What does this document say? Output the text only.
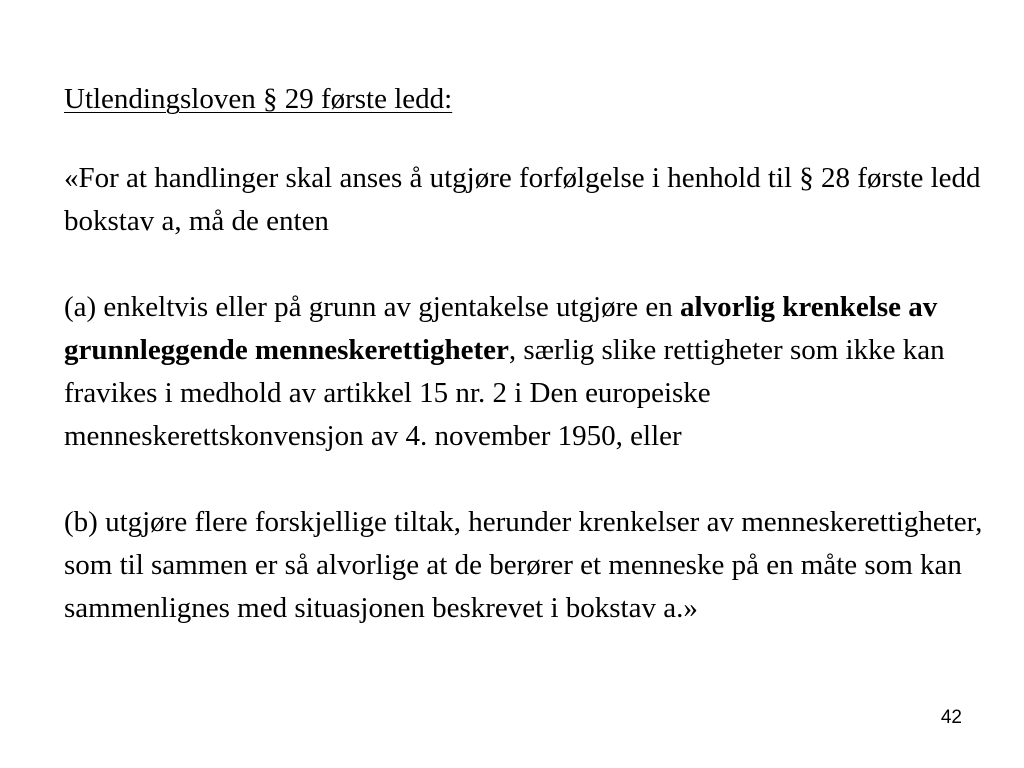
Utlendingsloven § 29 første ledd:

«For at handlinger skal anses å utgjøre forfølgelse i henhold til § 28 første ledd bokstav a, må de enten

(a) enkeltvis eller på grunn av gjentakelse utgjøre en alvorlig krenkelse av grunnleggende menneskerettigheter, særlig slike rettigheter som ikke kan fravikes i medhold av artikkel 15 nr. 2 i Den europeiske menneskerettskonvensjon av 4. november 1950, eller

(b) utgjøre flere forskjellige tiltak, herunder krenkelser av menneskerettigheter, som til sammen er så alvorlige at de berører et menneske på en måte som kan sammenlignes med situasjonen beskrevet i bokstav a.»

42
